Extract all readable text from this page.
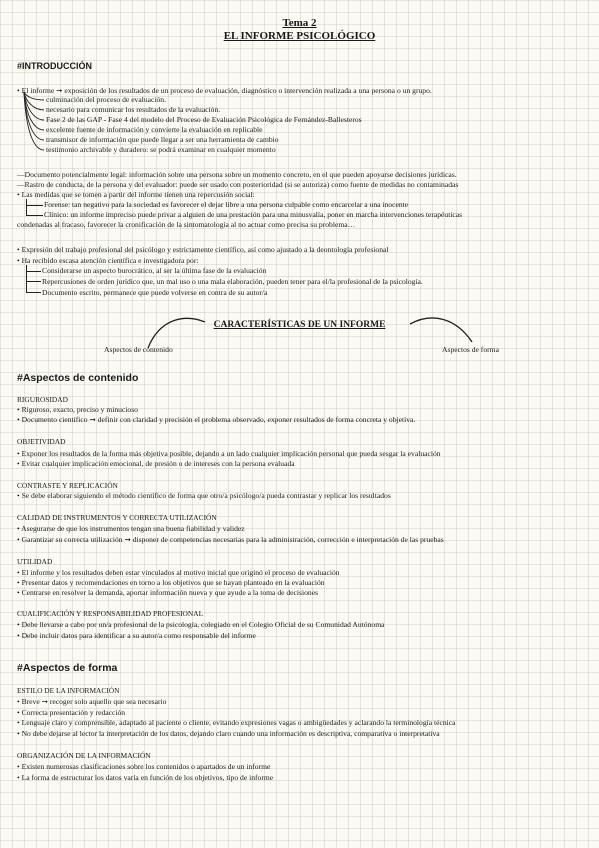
Tema 2
EL INFORME PSICOLÓGICO
#INTRODUCCIÓN
• El informe ➞ exposición de los resultados de un proceso de evaluación, diagnóstico o intervención realizada a una persona o un grupo.
culminación del proceso de evaluación.
necesario para comunicar los resultados de la evaluación.
Fase 2 de las GAP - Fase 4 del modelo del Proceso de Evaluación Psicológica de Fernández-Ballesteros
excelente fuente de información y convierte la evaluación en replicable
transmisor de información que puede llegar a ser una herramienta de cambio
testimonio archivable y duradero: se podrá examinar en cualquier momento
—Documento potencialmente legal: información sobre una persona sobre un momento concreto, en el que pueden apoyarse decisiones jurídicas.
—Rastro de conducta, de la persona y del evaluador: puede ser usado con posterioridad (si se autoriza) como fuente de medidas no contaminadas
• Las medidas que se tomen a partir del informe tienen una repercusión social:
Forense: tan negativo para la sociedad es favorecer el dejar libre a una persona culpable como encarcelar a una inocente
Clínico: un informe impreciso puede privar a alguien de una prestación para una minusvalía, poner en marcha intervenciones terapéuticas
condenadas al fracaso, favorecer la cronificación de la sintomatología al no actuar como precisa su problema…
• Expresión del trabajo profesional del psicólogo y estrictamente científico, así como ajustado a la deontología profesional
• Ha recibido escasa atención científica e investigadora por:
Considerarse un aspecto burocrático, al ser la última fase de la evaluación
Repercusiones de orden jurídico que, un mal uso o una mala elaboración, pueden tener para el/la profesional de la psicología.
Documento escrito, permanece que puede volverse en contra de su autor/a
CARACTERÍSTICAS DE UN INFORME
Aspectos de contenido	Aspectos de forma
#Aspectos de contenido
RIGUROSIDAD
• Riguroso, exacto, preciso y minucioso
• Documento científico ➞ definir con claridad y precisión el problema observado, exponer resultados de forma concreta y objetiva.
OBJETIVIDAD
• Exponer los resultados de la forma más objetiva posible, dejando a un lado cualquier implicación personal que pueda sesgar la evaluación
• Evitar cualquier implicación emocional, de presión o de intereses con la persona evaluada
CONTRASTE Y REPLICACIÓN
• Se debe elaborar siguiendo el método científico de forma que otro/a psicólogo/a pueda contrastar y replicar los resultados
CALIDAD DE INSTRUMENTOS Y CORRECTA UTILIZACIÓN
• Asegurarse de que los instrumentos tengan una buena fiabilidad y validez
• Garantizar su correcta utilización ➞ disponer de competencias necesarias para la administración, corrección e interpretación de las pruebas
UTILIDAD
• El informe y los resultados deben estar vinculados al motivo inicial que originó el proceso de evaluación
• Presentar datos y recomendaciones en torno a los objetivos que se hayan planteado en la evaluación
• Centrarse en resolver la demanda, aportar información nueva y que ayude a la toma de decisiones
CUALIFICACIÓN Y RESPONSABILIDAD PROFESIONAL
• Debe llevarse a cabo por un/a profesional de la psicología, colegiado en el Colegio Oficial de su Comunidad Autónoma
• Debe incluir datos para identificar a su autor/a como responsable del informe
#Aspectos de forma
ESTILO DE LA INFORMACIÓN
• Breve ➞ recoger solo aquello que sea necesario
• Correcta presentación y redacción
• Lenguaje claro y comprensible, adaptado al paciente o cliente, evitando expresiones vagas o ambigüedades y aclarando la terminología técnica
• No debe dejarse al lector la interpretación de los datos, dejando claro cuando una información es descriptiva, comparativa o interpretativa
ORGANIZACIÓN DE LA INFORMACIÓN
• Existen numerosas clasificaciones sobre los contenidos o apartados de un informe
• La forma de estructurar los datos varía en función de los objetivos, tipo de informe
